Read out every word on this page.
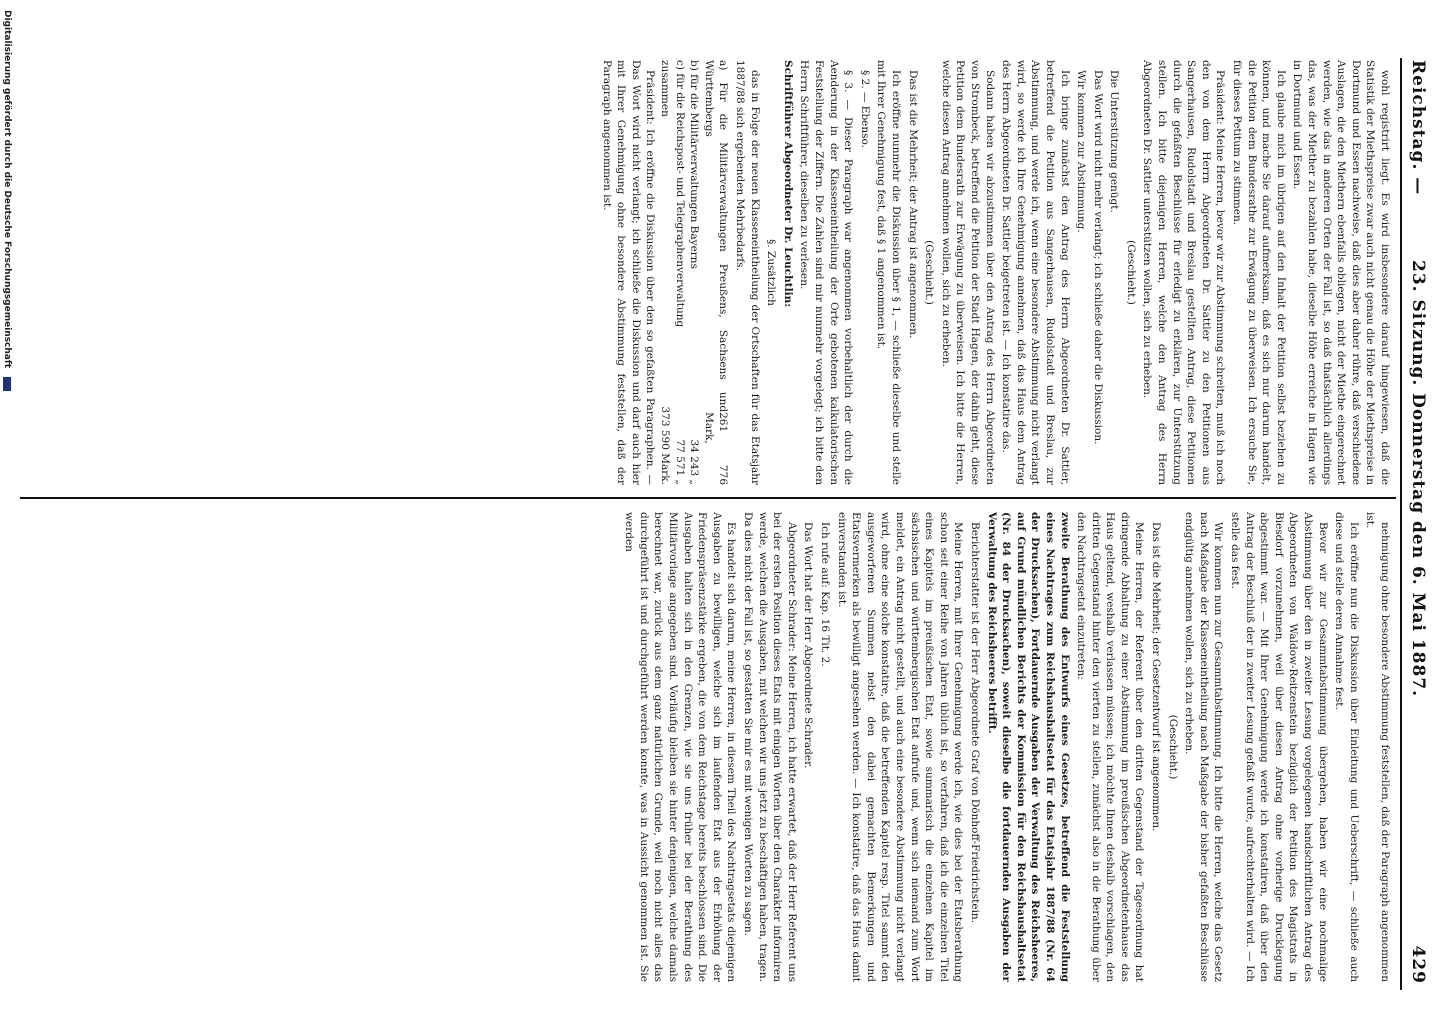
Reichstag. —
23. Sitzung. Donnerstag den 6. Mai 1887.
429

wohl registrirt liegt. Es wird insbesondere darauf hingewiesen, daß die Statistik der Miethspreise zwar auch nicht genau die Höhe der Miethspreise in Dortmund und Essen nachweise, daß dies aber daher rühre, daß verschiedene Auslagen, die den Miethern ebenfalls obliegen, nicht der Miethe eingerechnet werden, wie das in anderen Orten der Fall ist, so daß thatsächlich allerdings das, was der Miether zu bezahlen habe, dieselbe Höhe erreiche in Hagen wie in Dortmund und Essen.

Ich glaube mich im übrigen auf den Inhalt der Petition selbst beziehen zu können, und mache Sie darauf aufmerksam, daß es sich nur darum handelt, die Petition dem Bundesrathe zur Erwägung zu überweisen. Ich ersuche Sie, für dieses Petitum zu stimmen.

Präsident: Meine Herren, bevor wir zur Abstimmung schreiten, muß ich noch den von dem Herrn Abgeordneten Dr. Sattler zu den Petitionen aus Sangerhausen, Rudolstadt und Breslau gestellten Antrag, diese Petitionen durch die gefaßten Beschlüsse für erledigt zu erklären, zur Unterstützung stellen. Ich bitte diejenigen Herren, welche den Antrag des Herrn Abgeordneten Dr. Sattler unterstützen wollen, sich zu erheben.

(Geschieht.)

Die Unterstützung genügt.

Das Wort wird nicht mehr verlangt; ich schließe daher die Diskussion.

Wir kommen zur Abstimmung.

Ich bringe zunächst den Antrag des Herrn Abgeordneten Dr. Sattler, betreffend die Petition aus Sangerhausen, Rudolstadt und Breslau, zur Abstimmung, und werde ich, wenn eine besondere Abstimmung nicht verlangt wird, so werde ich Ihre Genehmigung annehmen, daß das Haus dem Antrag des Herrn Abgeordneten Dr. Sattler beigetreten ist. — Ich konstatire das.

Sodann haben wir abzustimmen über den Antrag des Herrn Abgeordneten von Strombeck, betreffend die Petition der Stadt Hagen, der dahin geht, diese Petition dem Bundesrath zur Erwägung zu überweisen. Ich bitte die Herren, welche diesen Antrag annehmen wollen, sich zu erheben.

(Geschieht.)

Das ist die Mehrheit; der Antrag ist angenommen.

Ich eröffne nunmehr die Diskussion über § 1, — schließe dieselbe und stelle mit Ihrer Genehmigung fest, daß § 1 angenommen ist.

§ 2. — Ebenso.

§ 3. — Dieser Paragraph war angenommen vorbehaltlich der durch die Aenderung in der Klasseneintheilung der Orte gebotenen kalkulatorischen Feststellung der Ziffern. Die Zahlen sind mir nunmehr vorgelegt; ich bitte den Herrn Schriftführer, dieselben zu verlesen.

Schriftführer Abgeordneter Dr. Leuchtlin:

§. Zusätzlich

das in Folge der neuen Klasseneintheilung der Ortschaften für das Etatsjahr 1887/88 sich ergebenden Mehrbedarfs.

a) Für die Militärverwaltungen Preußens, Sachsens und Württembergs
261 776 Mark,
b) für die Militärverwaltungen Bayerns
34 243 „
c) für die Reichspost- und Telegraphenverwaltung
77 571 „
zusammen
373 590 Mark.

Präsident: Ich eröffne die Diskussion über den so gefaßten Paragraphen. — Das Wort wird nicht verlangt; ich schließe die Diskussion und darf auch hier mit Ihrer Genehmigung ohne besondere Abstimmung feststellen, daß der Paragraph angenommen ist.

nehmigung ohne besondere Abstimmung feststellen, daß der Paragraph angenommen ist.

Ich eröffne nun die Diskussion über Einleitung und Ueberschrift, — schließe auch diese und stelle deren Annahme fest.

Bevor wir zur Gesammtabstimmung übergehen, haben wir eine nochmalige Abstimmung über den in zweiter Lesung vorgelegenen handschriftlichen Antrag des Abgeordneten von Waldow-Reitzenstein bezüglich der Petition des Magistrats in Biesdorf vorzunehmen, weil über diesen Antrag ohne vorherige Drucklegung abgestimmt war. — Mit Ihrer Genehmigung werde ich konstatiren, daß über den Antrag der Beschluß der in zweiter Lesung gefaßt wurde, aufrechterhalten wird. — Ich stelle das fest.

Wir kommen nun zur Gesammtabstimmung. Ich bitte die Herren, welche das Gesetz nach Maßgabe der Klasseneintheilung nach Maßgabe der bisher gefaßten Beschlüsse endgültig annehmen wollen, sich zu erheben.

(Geschieht.)

Das ist die Mehrheit; der Gesetzentwurf ist angenommen.

Meine Herren, der Referent über den dritten Gegenstand der Tagesordnung hat dringende Abhaltung zu einer Abstimmung im preußischen Abgeordnetenhause das Haus geltend, weshalb verlassen müssen; ich möchte Ihnen deshalb vorschlagen, den dritten Gegenstand hinter den vierten zu stellen, zunächst also in die Berathung über den Nachtragsetat einzutreten:

zweite Berathung des Entwurfs eines Gesetzes, betreffend die Feststellung eines Nachtrages zum Reichshaushaltsetat für das Etatsjahr 1887/88 (Nr. 64 der Drucksachen), Fortdauernde Ausgaben der Verwaltung des Reichsheeres, auf Grund mündlichen Berichts der Kommission für den Reichshaushaltsetat (Nr. 84 der Drucksachen), soweit dieselbe die fortdauernden Ausgaben der Verwaltung des Reichsheeres betrifft.

Berichterstatter ist der Herr Abgeordnete Graf von Dönhoff-Friedrichstein.

Meine Herren, mit Ihrer Genehmigung werde ich, wie dies bei der Etatsberathung schon seit einer Reihe von Jahren üblich ist, so verfahren, daß ich die einzelnen Titel eines Kapitels im preußischen Etat, sowie summarisch die einzelnen Kapitel im sächsischen und württembergischen Etat aufrufe und, wenn sich niemand zum Wort meldet, ein Antrag nicht gestellt, und auch eine besondere Abstimmung nicht verlangt wird, ohne eine solche konstatire, daß die betreffenden Kapitel resp. Titel sammt den ausgeworfenen Summen nebst den dabei gemachten Bemerkungen und Etatsvermerken als bewilligt angesehen werden. — Ich konstatire, daß das Haus damit einverstanden ist.

Ich rufe auf: Kap. 16 Tit. 2.

Das Wort hat der Herr Abgeordnete Schrader.

Abgeordneter Schrader: Meine Herren, ich hatte erwartet, daß der Herr Referent uns bei der ersten Position dieses Etats mit einigen Worten über den Charakter informiren werde, welchen die Ausgaben, mit welchen wir uns jetzt zu beschäftigen haben, tragen. Da dies nicht der Fall ist, so gestatten Sie mir es mit wenigen Worten zu sagen.

Es handelt sich darum, meine Herren, in diesem Theil des Nachtragsetats diejenigen Ausgaben zu bewilligen, welche sich im laufenden Etat aus der Erhöhung der Friedenspräsenzstärke ergeben, die von dem Reichstage bereits beschlossen sind. Die Ausgaben halten sich in den Grenzen, wie sie uns früher bei der Berathung des Militärvorlage angegeben sind. Vorläufig bleiben sie hinter denjenigen, welche damals berechnet war, zurück aus dem ganz natürlichen Grunde, weil noch nicht alles das durchgeführt ist und durchgeführt werden konnte, was in Aussicht genommen ist. Sie werden

Digitalisierung gefördert durch die Deutsche Forschungsgemeinschaft
